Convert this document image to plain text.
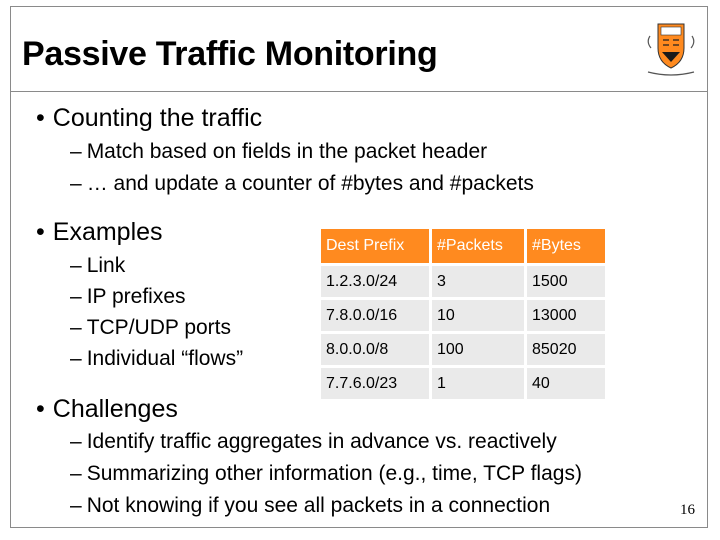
Passive Traffic Monitoring
• Counting the traffic
– Match based on fields in the packet header
– … and update a counter of #bytes and #packets
• Examples
– Link
– IP prefixes
– TCP/UDP ports
– Individual “flows”
Dest Prefix	#Packets	#Bytes
1.2.3.0/24	3	1500
7.8.0.0/16	10	13000
8.0.0.0/8	100	85020
7.7.6.0/23	1	40
• Challenges
– Identify traffic aggregates in advance vs. reactively
– Summarizing other information (e.g., time, TCP flags)
– Not knowing if you see all packets in a connection	16
